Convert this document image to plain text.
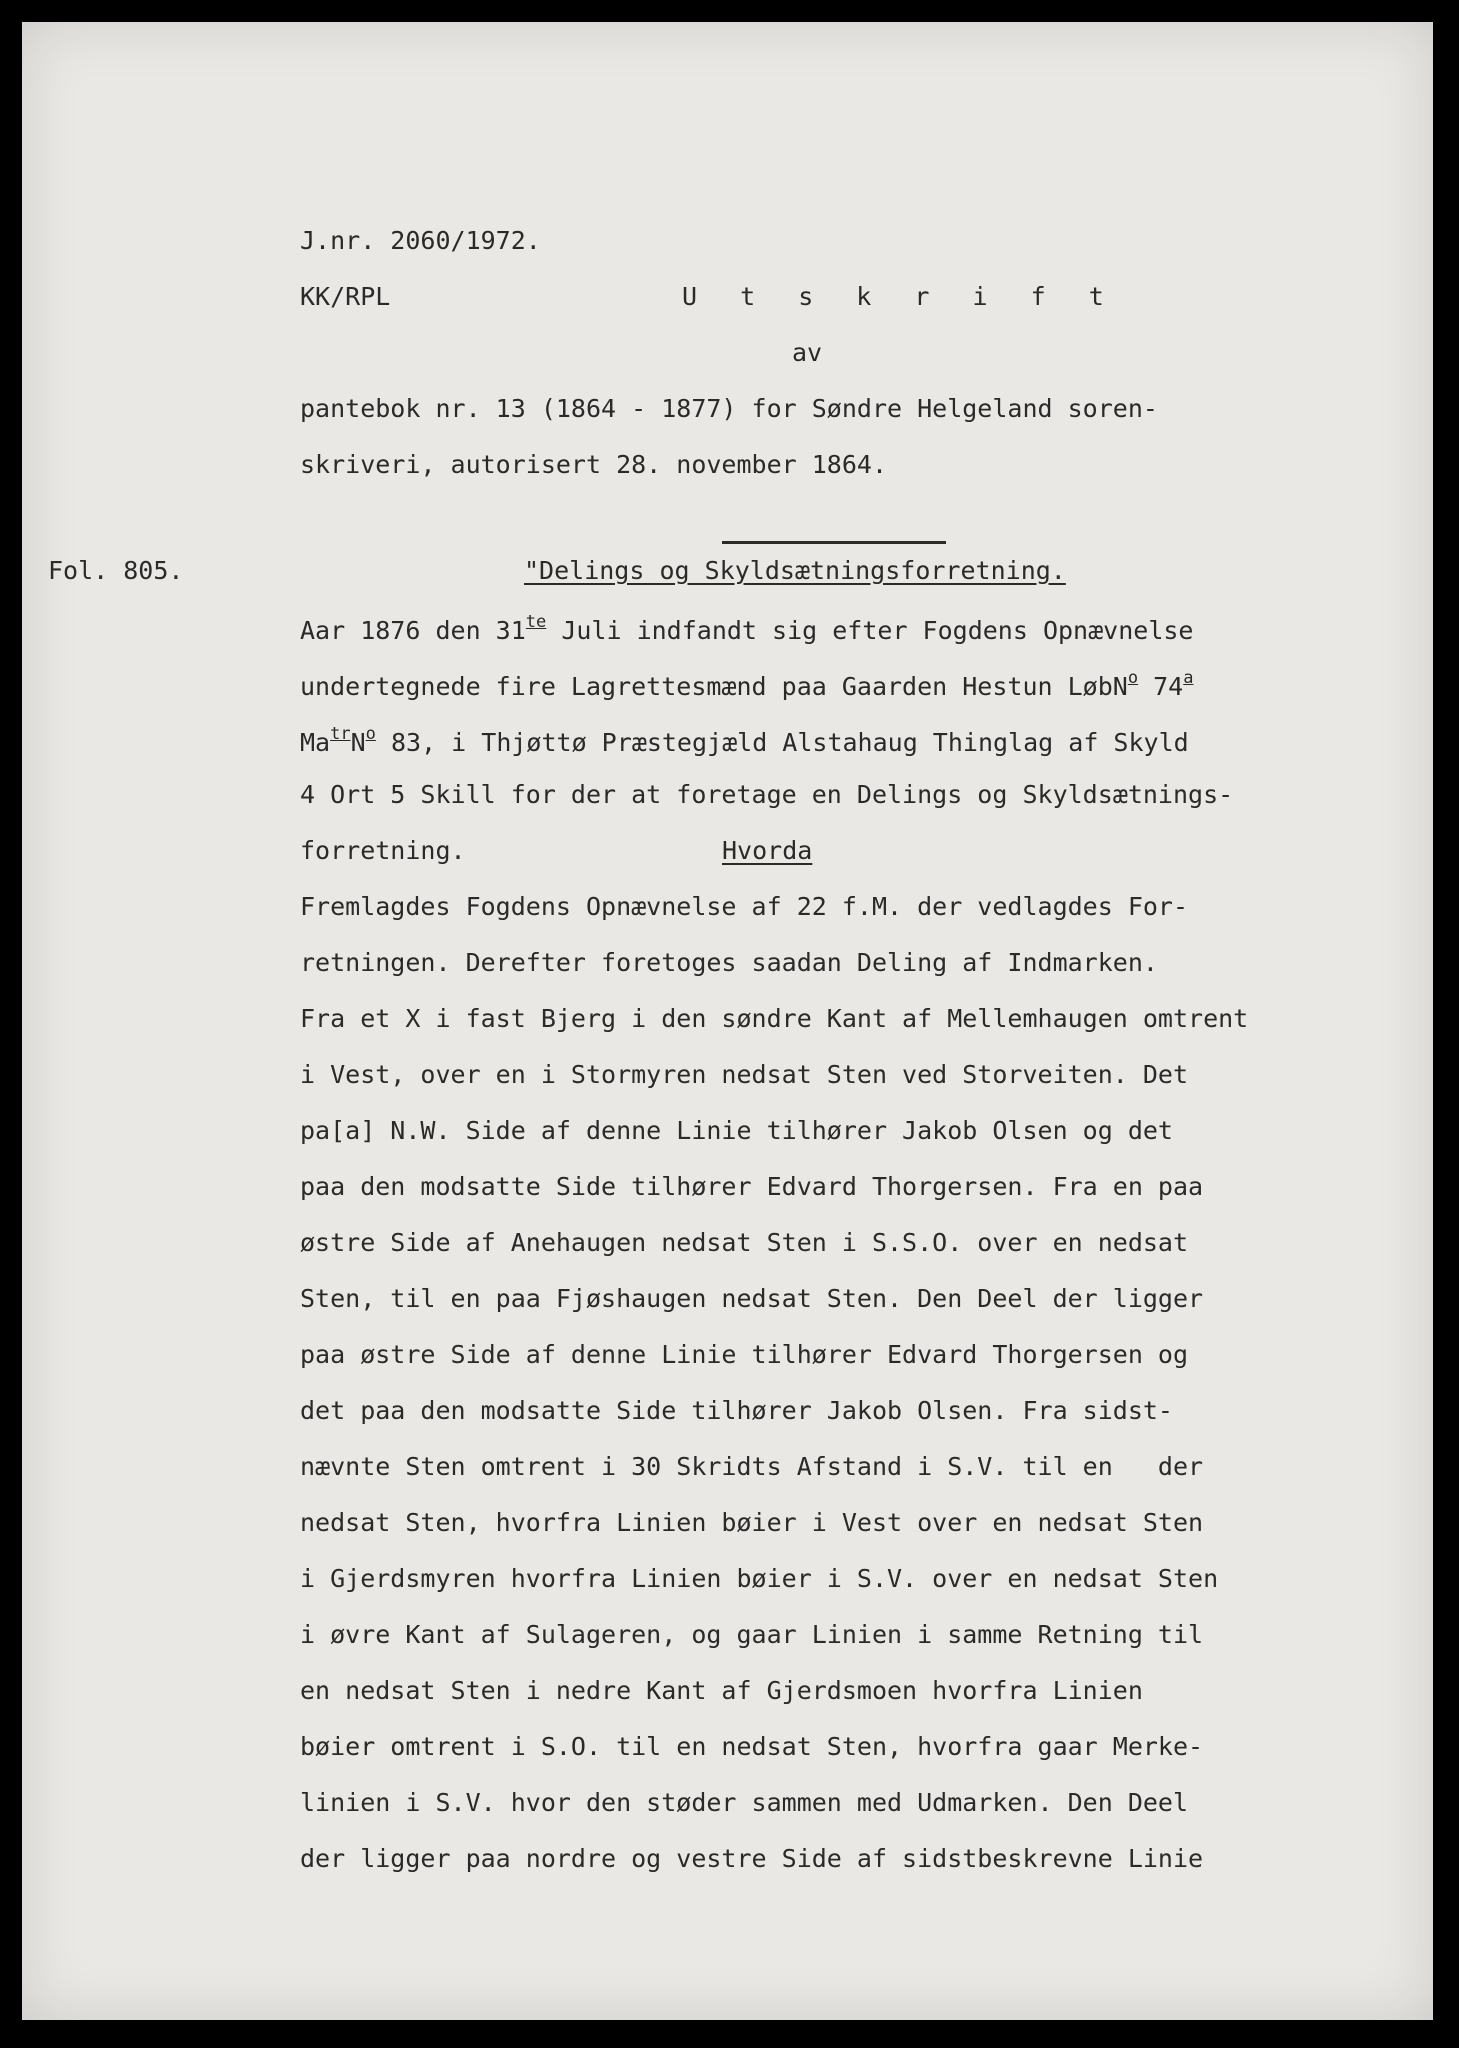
J.nr. 2060/1972.
KK/RPL	U t s k r i f t
av
pantebok nr. 13 (1864 - 1877) for Søndre Helgeland soren-
skriveri, autorisert 28. november 1864.
Fol. 805.	"Delings og Skyldsætningsforretning.
Aar 1876 den $31^{te}$ Juli indfandt sig efter Fogdens Opnævnelse
undertegnede fire Lagrettesmænd paa Gaarden Hestun LøbN$^o$ 74$^a$
$Ma^{tr}N^o$ 83, i Thjøttø Præstegjæld Alstahaug Thinglag af Skyld
4 Ort 5 Skill for der at foretage en Delings og Skyldsætnings-
forretning.	Hvorda
Fremlagdes Fogdens Opnævnelse af 22 f.M. der vedlagdes For-
retningen. Derefter foretoges saadan Deling af Indmarken.
Fra et X i fast Bjerg i den søndre Kant af Mellemhaugen omtrent
i Vest, over en i Stormyren nedsat Sten ved Storveiten. Det
pa[a] N.W. Side af denne Linie tilhører Jakob Olsen og det
paa den modsatte Side tilhører Edvard Thorgersen. Fra en paa
østre Side af Anehaugen nedsat Sten i S.S.O. over en nedsat
Sten, til en paa Fjøshaugen nedsat Sten. Den Deel der ligger
paa østre Side af denne Linie tilhører Edvard Thorgersen og
det paa den modsatte Side tilhører Jakob Olsen. Fra sidst-
nævnte Sten omtrent i 30 Skridts Afstand i S.V. til en   der
nedsat Sten, hvorfra Linien bøier i Vest over en nedsat Sten
i Gjerdsmyren hvorfra Linien bøier i S.V. over en nedsat Sten
i øvre Kant af Sulageren, og gaar Linien i samme Retning til
en nedsat Sten i nedre Kant af Gjerdsmoen hvorfra Linien
bøier omtrent i S.O. til en nedsat Sten, hvorfra gaar Merke-
linien i S.V. hvor den støder sammen med Udmarken. Den Deel
der ligger paa nordre og vestre Side af sidstbeskrevne Linie
